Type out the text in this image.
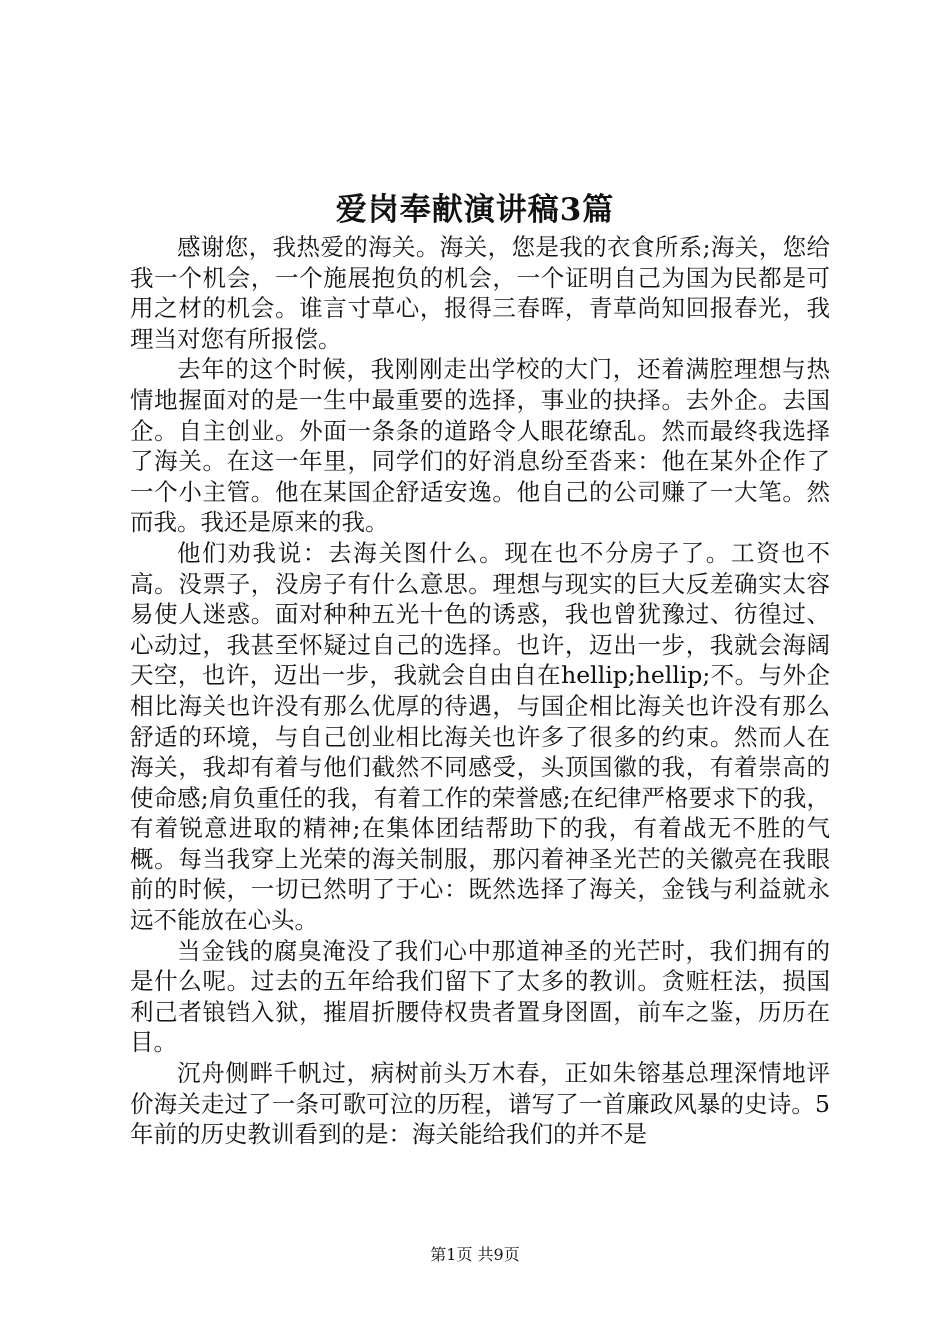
爱岗奉献演讲稿3篇

感谢您，我热爱的海关。海关，您是我的衣食所系;海关，您给我一个机会，一个施展抱负的机会，一个证明自己为国为民都是可用之材的机会。谁言寸草心，报得三春晖，青草尚知回报春光，我理当对您有所报偿。

去年的这个时候，我刚刚走出学校的大门，还着满腔理想与热情地握面对的是一生中最重要的选择，事业的抉择。去外企。去国企。自主创业。外面一条条的道路令人眼花缭乱。然而最终我选择了海关。在这一年里，同学们的好消息纷至沓来：他在某外企作了一个小主管。他在某国企舒适安逸。他自己的公司赚了一大笔。然而我。我还是原来的我。

他们劝我说：去海关图什么。现在也不分房子了。工资也不高。没票子，没房子有什么意思。理想与现实的巨大反差确实太容易使人迷惑。面对种种五光十色的诱惑，我也曾犹豫过、彷徨过、心动过，我甚至怀疑过自己的选择。也许，迈出一步，我就会海阔天空，也许，迈出一步，我就会自由自在hellip;hellip;不。与外企相比海关也许没有那么优厚的待遇，与国企相比海关也许没有那么舒适的环境，与自己创业相比海关也许多了很多的约束。然而人在海关，我却有着与他们截然不同感受，头顶国徽的我，有着崇高的使命感;肩负重任的我，有着工作的荣誉感;在纪律严格要求下的我，有着锐意进取的精神;在集体团结帮助下的我，有着战无不胜的气概。每当我穿上光荣的海关制服，那闪着神圣光芒的关徽亮在我眼前的时候，一切已然明了于心：既然选择了海关，金钱与利益就永远不能放在心头。

当金钱的腐臭淹没了我们心中那道神圣的光芒时，我们拥有的是什么呢。过去的五年给我们留下了太多的教训。贪赃枉法，损国利己者锒铛入狱，摧眉折腰侍权贵者置身囹圄，前车之鉴，历历在目。

沉舟侧畔千帆过，病树前头万木春，正如朱镕基总理深情地评价海关走过了一条可歌可泣的历程，谱写了一首廉政风暴的史诗。5年前的历史教训看到的是：海关能给我们的并不是

第1页 共9页
